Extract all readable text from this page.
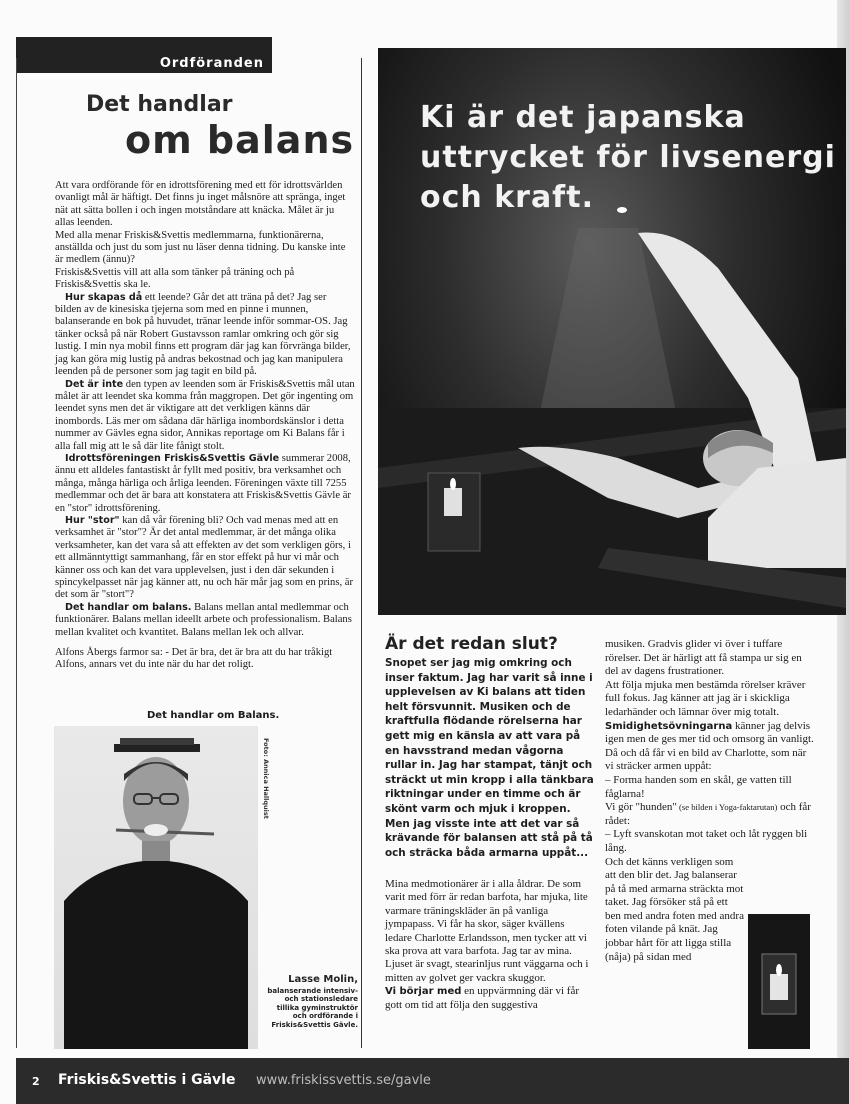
Ordföranden
Det handlar
om balans

Att vara ordförande för en idrottsförening med ett för idrottsvärlden ovanligt mål är häftigt. Det finns ju inget målsnöre att spränga, inget nät att sätta bollen i och ingen motståndare att knäcka. Målet är ju allas leenden.

Med alla menar Friskis&Svettis medlemmarna, funktionärerna, anställda och just du som just nu läser denna tidning. Du kanske inte är medlem (ännu)?

Friskis&Svettis vill att alla som tänker på träning och på Friskis&Svettis ska le.

Hur skapas då ett leende? Går det att träna på det? Jag ser bilden av de kinesiska tjejerna som med en pinne i munnen, balanserande en bok på huvudet, tränar leende inför sommar-OS. Jag tänker också på när Robert Gustavsson ramlar omkring och gör sig lustig. I min nya mobil finns ett program där jag kan förvränga bilder, jag kan göra mig lustig på andras bekostnad och jag kan manipulera leenden på de personer som jag tagit en bild på.

Det är inte den typen av leenden som är Friskis&Svettis mål utan målet är att leendet ska komma från maggropen. Det gör ingenting om leendet syns men det är viktigare att det verkligen känns där inombords. Läs mer om sådana där härliga inombordskänslor i detta nummer av Gävles egna sidor, Annikas reportage om Ki Balans får i alla fall mig att le så där lite fånigt stolt.

Idrottsföreningen Friskis&Svettis Gävle summerar 2008, ännu ett alldeles fantastiskt år fyllt med positiv, bra verksamhet och många, många härliga och årliga leenden. Föreningen växte till 7255 medlemmar och det är bara att konstatera att Friskis&Svettis Gävle är en "stor" idrottsförening.

Hur "stor" kan då vår förening bli? Och vad menas med att en verksamhet är "stor"? Är det antal medlemmar, är det många olika verksamheter, kan det vara så att effekten av det som verkligen görs, i ett allmänntyttigt sammanhang, får en stor effekt på hur vi mår och känner oss och kan det vara upplevelsen, just i den där sekunden i spincykelpasset när jag känner att, nu och här mår jag som en prins, är det som är "stort"?

Det handlar om balans. Balans mellan antal medlemmar och funktionärer. Balans mellan ideellt arbete och professionalism. Balans mellan kvalitet och kvantitet. Balans mellan lek och allvar.

Alfons Åbergs farmor sa: - Det är bra, det är bra att du har tråkigt Alfons, annars vet du inte när du har det roligt.

Det handlar om Balans.
Foto: Annica Hallquist
Lasse Molin,
balanserande intensiv- och stationsledare tillika gyminstruktör och ordförande i Friskis&Svettis Gävle.
Ki är det japanska uttrycket för livsenergi och kraft.
Är det redan slut?
Snopet ser jag mig omkring och inser faktum. Jag har varit så inne i upplevelsen av Ki balans att tiden helt försvunnit. Musiken och de kraftfulla flödande rörelserna har gett mig en känsla av att vara på en havsstrand medan vågorna rullar in. Jag har stampat, tänjt och sträckt ut min kropp i alla tänkbara riktningar under en timme och är skönt varm och mjuk i kroppen. Men jag visste inte att det var så krävande för balansen att stå på tå och sträcka båda armarna uppåt...

Mina medmotionärer är i alla åldrar. De som varit med förr är redan barfota, har mjuka, lite varmare träningskläder än på vanliga jympapass. Vi får ha skor, säger kvällens ledare Charlotte Erlandsson, men tycker att vi ska prova att vara barfota. Jag tar av mina. Ljuset är svagt, stearinljus runt väggarna och i mitten av golvet ger vackra skuggor.

Vi börjar med en uppvärmning där vi får gott om tid att följa den suggestiva

musiken. Gradvis glider vi över i tuffare rörelser. Det är härligt att få stampa ur sig en del av dagens frustrationer.

Att följa mjuka men bestämda rörelser kräver full fokus. Jag känner att jag är i skickliga ledarhänder och lämnar över mig totalt.

Smidighetsövningarna känner jag delvis igen men de ges mer tid och omsorg än vanligt. Då och då får vi en bild av Charlotte, som när vi sträcker armen uppåt:

– Forma handen som en skål, ge vatten till fåglarna!

Vi gör "hunden" (se bilden i Yoga-faktarutan) och får rådet:

– Lyft svanskotan mot taket och låt ryggen bli lång.

Och det känns verkligen som att den blir det. Jag balanserar på tå med armarna sträckta mot taket. Jag försöker stå på ett ben med andra foten med andra foten vilande på knät. Jag jobbar hårt för att ligga stilla (nåja) på sidan med

2 Friskis&Svettis i Gävle www.friskissvettis.se/gavle
